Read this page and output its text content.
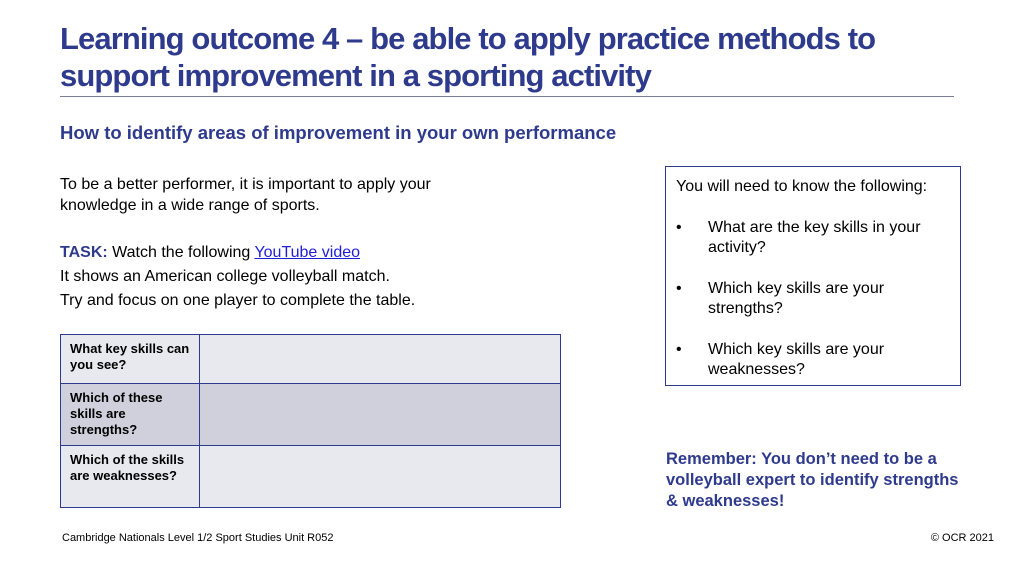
Learning outcome 4 – be able to apply practice methods to
support improvement in a sporting activity
How to identify areas of improvement in your own performance
To be a better performer, it is important to apply your knowledge in a wide range of sports.
TASK: Watch the following YouTube video
It shows an American college volleyball match.
Try and focus on one player to complete the table.
What key skills can you see?	
Which of these skills are strengths?	
Which of the skills are weaknesses?	
You will need to know the following:
• What are the key skills in your activity?
• Which key skills are your strengths?
• Which key skills are your weaknesses?
Remember: You don’t need to be a volleyball expert to identify strengths & weaknesses!
Cambridge Nationals Level 1/2 Sport Studies Unit R052	© OCR 2021
